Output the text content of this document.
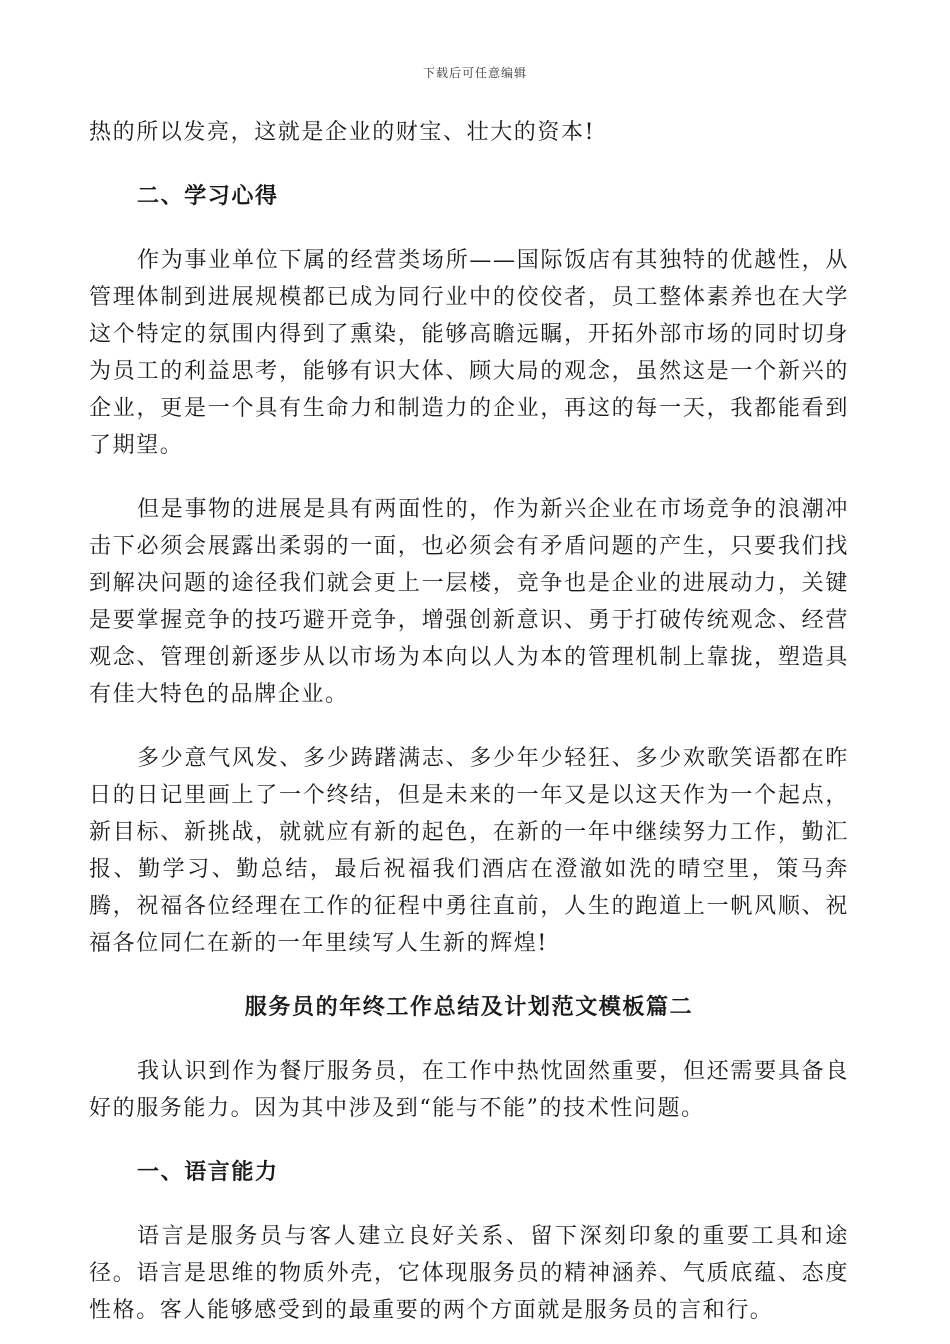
下载后可任意编辑

热的所以发亮，这就是企业的财宝、壮大的资本!

二、学习心得

作为事业单位下属的经营类场所——国际饭店有其独特的优越性，从管理体制到进展规模都已成为同行业中的佼佼者，员工整体素养也在大学这个特定的氛围内得到了熏染，能够高瞻远瞩，开拓外部市场的同时切身为员工的利益思考，能够有识大体、顾大局的观念，虽然这是一个新兴的企业，更是一个具有生命力和制造力的企业，再这的每一天，我都能看到了期望。

但是事物的进展是具有两面性的，作为新兴企业在市场竞争的浪潮冲击下必须会展露出柔弱的一面，也必须会有矛盾问题的产生，只要我们找到解决问题的途径我们就会更上一层楼，竞争也是企业的进展动力，关键是要掌握竞争的技巧避开竞争，增强创新意识、勇于打破传统观念、经营观念、管理创新逐步从以市场为本向以人为本的管理机制上靠拢，塑造具有佳大特色的品牌企业。

多少意气风发、多少踌躇满志、多少年少轻狂、多少欢歌笑语都在昨日的日记里画上了一个终结，但是未来的一年又是以这天作为一个起点，新目标、新挑战，就就应有新的起色，在新的一年中继续努力工作，勤汇报、勤学习、勤总结，最后祝福我们酒店在澄澈如洗的晴空里，策马奔腾，祝福各位经理在工作的征程中勇往直前，人生的跑道上一帆风顺、祝福各位同仁在新的一年里续写人生新的辉煌!

服务员的年终工作总结及计划范文模板篇二

我认识到作为餐厅服务员，在工作中热忱固然重要，但还需要具备良好的服务能力。因为其中涉及到“能与不能”的技术性问题。

一、语言能力

语言是服务员与客人建立良好关系、留下深刻印象的重要工具和途径。语言是思维的物质外壳，它体现服务员的精神涵养、气质底蕴、态度性格。客人能够感受到的最重要的两个方面就是服务员的言和行。
